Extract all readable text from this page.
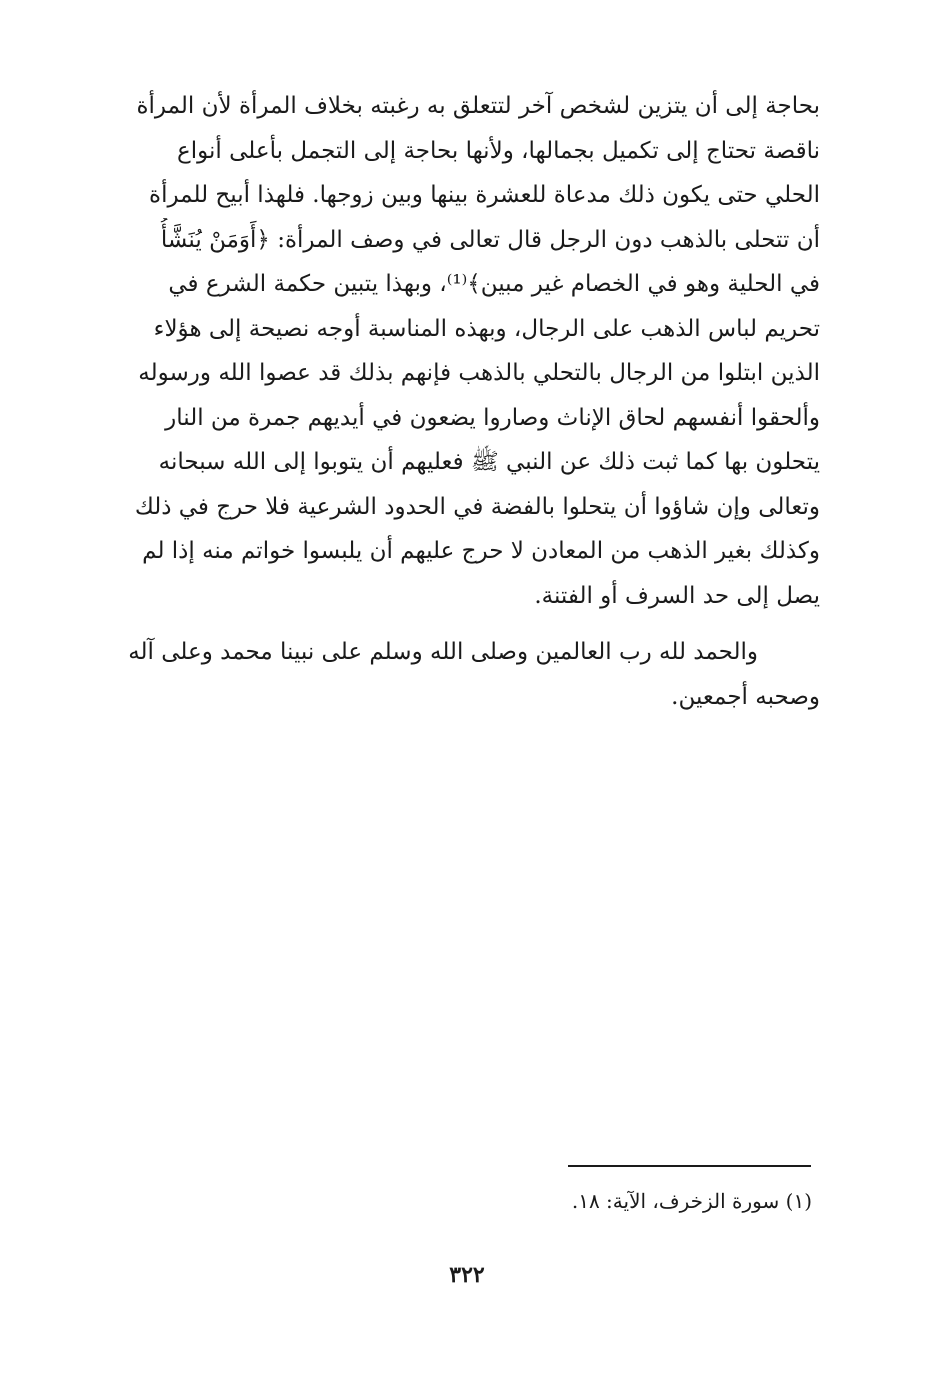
بحاجة إلى أن يتزين لشخص آخر لتتعلق به رغبته بخلاف المرأة لأن المرأة
ناقصة تحتاج إلى تكميل بجمالها، ولأنها بحاجة إلى التجمل بأعلى أنواع
الحلي حتى يكون ذلك مدعاة للعشرة بينها وبين زوجها. فلهذا أبيح للمرأة
أن تتحلى بالذهب دون الرجل قال تعالى في وصف المرأة: ﴿أَوَمَنْ يُنَشَّأُ
في الحلية وهو في الخصام غير مبين﴾⁽¹⁾، وبهذا يتبين حكمة الشرع في
تحريم لباس الذهب على الرجال، وبهذه المناسبة أوجه نصيحة إلى هؤلاء
الذين ابتلوا من الرجال بالتحلي بالذهب فإنهم بذلك قد عصوا الله ورسوله
وألحقوا أنفسهم لحاق الإناث وصاروا يضعون في أيديهم جمرة من النار
يتحلون بها كما ثبت ذلك عن النبي ﷺ فعليهم أن يتوبوا إلى الله سبحانه
وتعالى وإن شاؤوا أن يتحلوا بالفضة في الحدود الشرعية فلا حرج في ذلك
وكذلك بغير الذهب من المعادن لا حرج عليهم أن يلبسوا خواتم منه إذا لم
يصل إلى حد السرف أو الفتنة.
والحمد لله رب العالمين وصلى الله وسلم على نبينا محمد وعلى آله
وصحبه أجمعين.
(١) سورة الزخرف، الآية: ١٨.
٣٢٢
